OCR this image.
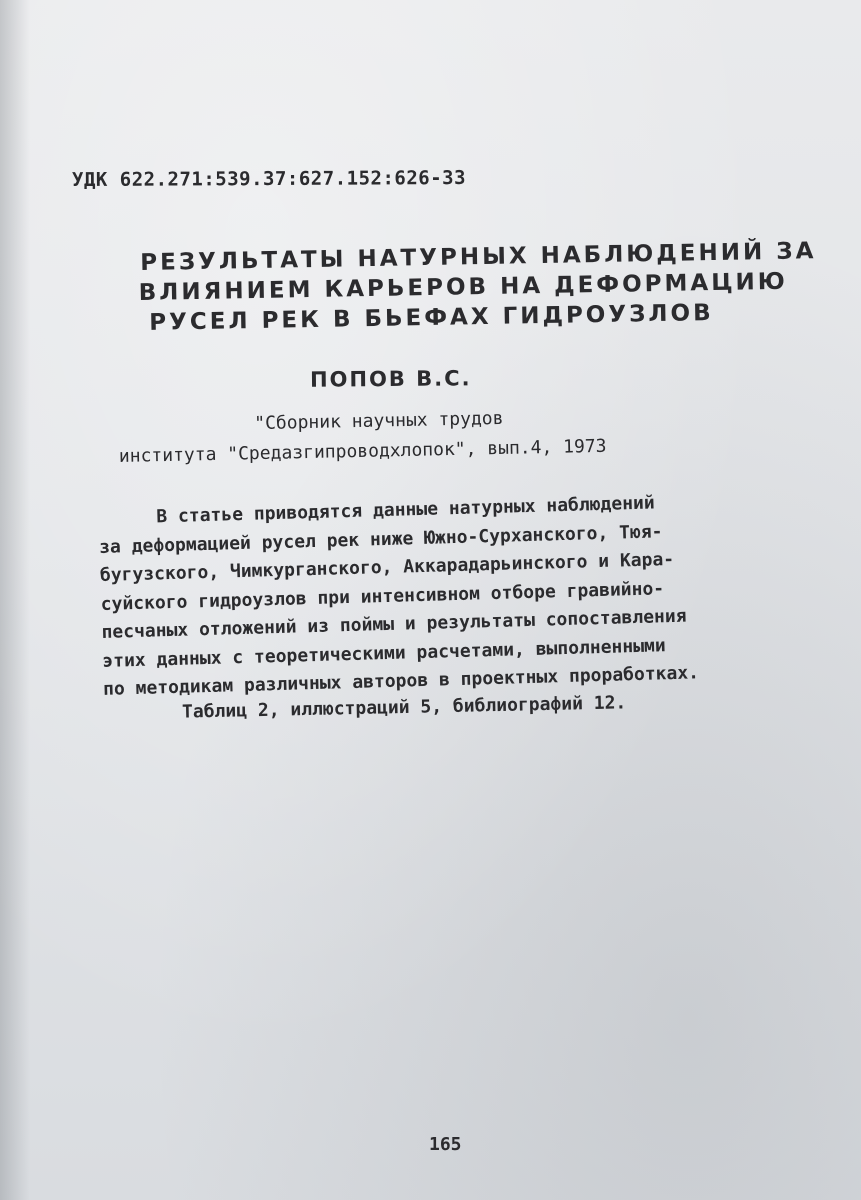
УДК 622.271:539.37:627.152:626-33
РЕЗУЛЬТАТЫ НАТУРНЫХ НАБЛЮДЕНИЙ ЗА
ВЛИЯНИЕМ КАРЬЕРОВ НА ДЕФОРМАЦИЮ
РУСЕЛ РЕК В БЬЕФАХ ГИДРОУЗЛОВ
ПОПОВ В.С.
"Сборник научных трудов
института "Средазгипроводхлопок", вып.4, 1973
В статье приводятся данные натурных наблюдений
за деформацией русел рек ниже Южно-Сурханского, Тюя-
бугузского, Чимкурганского, Аккарадарьинского и Кара-
суйского гидроузлов при интенсивном отборе гравийно-
песчаных отложений из поймы и результаты сопоставления
этих данных с теоретическими расчетами, выполненными
по методикам различных авторов в проектных проработках.
Таблиц 2, иллюстраций 5, библиографий 12.
165
